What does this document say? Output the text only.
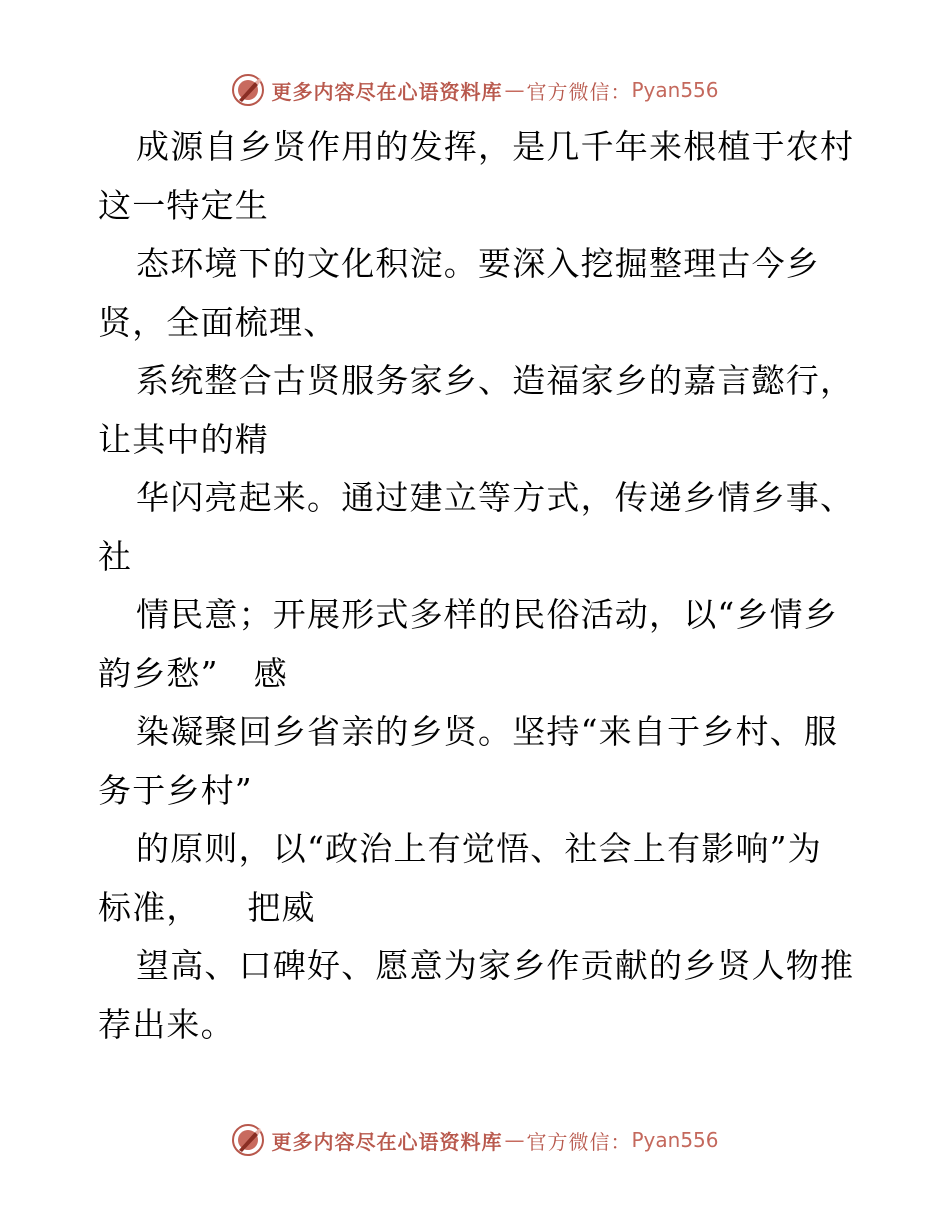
更多内容尽在心语资料库 — 官方微信： Pyan556
成源自乡贤作用的发挥，是几千年来根植于农村
这一特定生
态环境下的文化积淀。要深入挖掘整理古今乡
贤，全面梳理、
系统整合古贤服务家乡、造福家乡的嘉言懿行，
让其中的精
华闪亮起来。通过建立等方式，传递乡情乡事、
社
情民意；开展形式多样的民俗活动，以“乡情乡
韵乡愁”   感
染凝聚回乡省亲的乡贤。坚持“来自于乡村、服
务于乡村”
的原则，以“政治上有觉悟、社会上有影响”为
标准，    把威
望高、口碑好、愿意为家乡作贡献的乡贤人物推
荐出来。
更多内容尽在心语资料库 — 官方微信： Pyan556
